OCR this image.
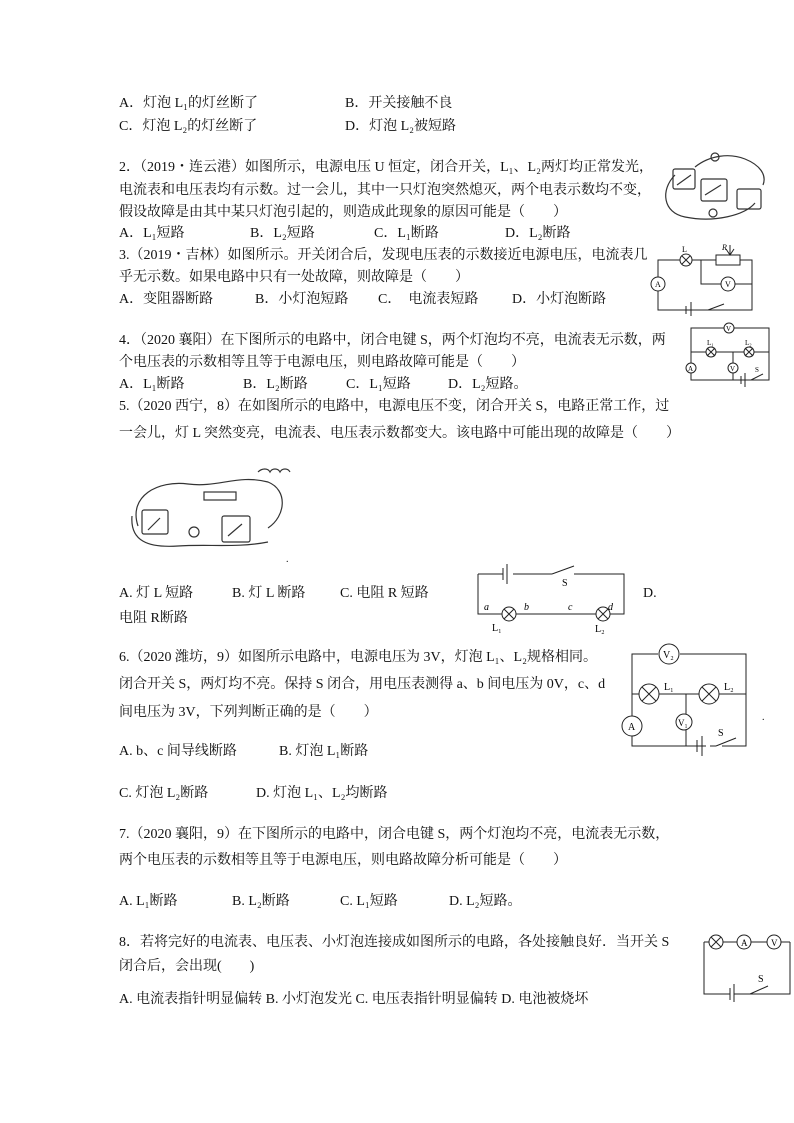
A．灯泡 L₁的灯丝断了	B．开关接触不良
C．灯泡 L₂的灯丝断了	D．灯泡 L₂被短路
2．（2019・连云港）如图所示，电源电压 U 恒定，闭合开关，L₁、L₂两灯均正常发光，
电流表和电压表均有示数。过一会儿，其中一只灯泡突然熄灭，两个电表示数均不变，
假设故障是由其中某只灯泡引起的，则造成此现象的原因可能是（　　）
A．L₁短路	B．L₂短路	C．L₁断路	D．L₂断路
3.（2019・吉林）如图所示。开关闭合后，发现电压表的示数接近电源电压，电流表几
乎无示数。如果电路中只有一处故障，则故障是（　　）
A．变阻器断路	B．小灯泡短路 C．　电流表短路 D．小灯泡断路
L	R
A	V
4．（2020 襄阳）在下图所示的电路中，闭合电键 S，两个灯泡均不亮，电流表无示数，两
个电压表的示数相等且等于电源电压，则电路故障可能是（　　）
A．L₁断路	B．L₂断路	C．L₁短路	D．L₂短路。
V
L₁	L₂
A	V	S
5.（2020 西宁，8）在如图所示的电路中，电源电压不变，闭合开关 S，电路正常工作，过
一会儿，灯 L 突然变亮，电流表、电压表示数都变大。该电路中可能出现的故障是（　　）
.
A. 灯 L 短路	B. 灯 L 断路 C. 电阻 R 短路	D.
电阻 R断路
S
a	b	c	d
L₁	L₂
6.（2020 潍坊，9）如图所示电路中，电源电压为 3V，灯泡 L₁、L₂规格相同。
闭合开关 S，两灯均不亮。保持 S 闭合，用电压表测得 a、b 间电压为 0V，c、d
间电压为 3V，下列判断正确的是（　　）
A. b、c 间导线断路	B. 灯泡 L₁断路
C. 灯泡 L₂断路	D. 灯泡 L₁、L₂均断路
V₂
A
L₁	L₂
V₁
S
.
7.（2020 襄阳，9）在下图所示的电路中，闭合电键 S，两个灯泡均不亮，电流表无示数，
两个电压表的示数相等且等于电源电压，则电路故障分析可能是（　　）
A. L₁断路	B. L₂断路	C. L₁短路	D. L₂短路。
8．若将完好的电流表、电压表、小灯泡连接成如图所示的电路，各处接触良好．当开关 S
闭合后，会出现(　　)
A. 电流表指针明显偏转 B. 小灯泡发光 C. 电压表指针明显偏转 D. 电池被烧坏
A	V
S
